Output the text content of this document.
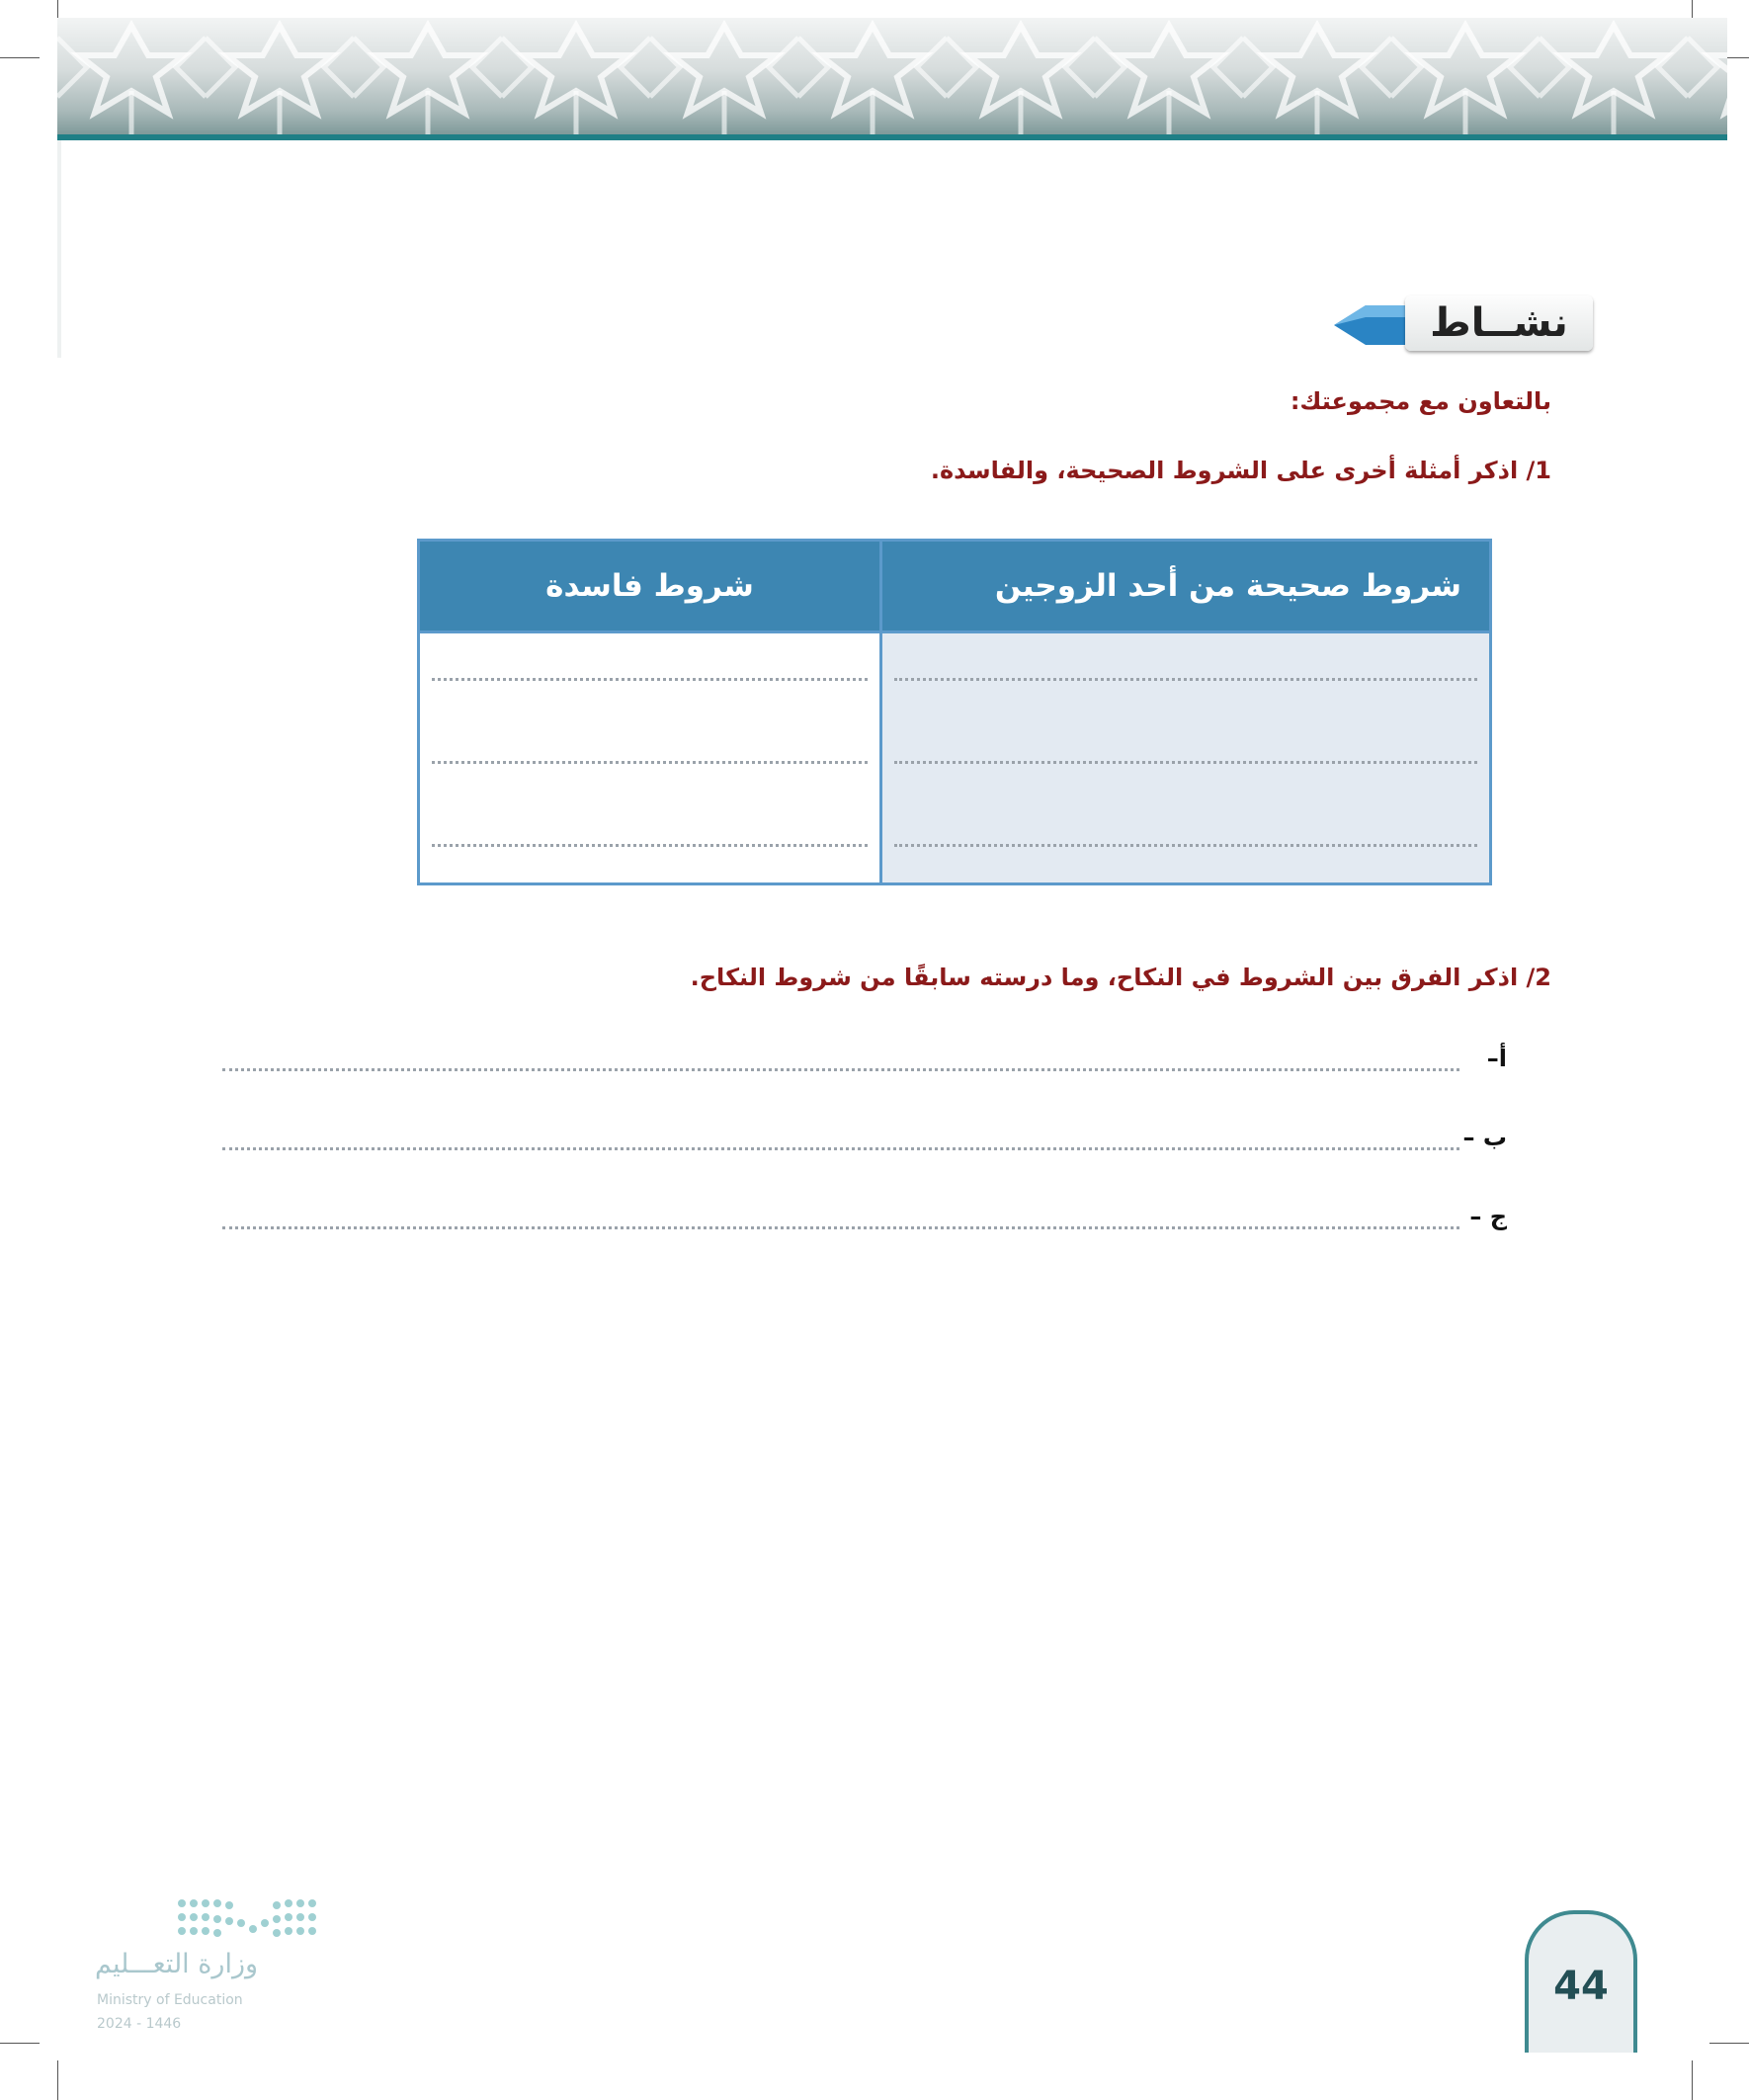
نشــاط
بالتعاون مع مجموعتك:
1/ اذكر أمثلة أخرى على الشروط الصحيحة، والفاسدة.
شروط صحيحة من أحد الزوجين	شروط فاسدة

2/ اذكر الفرق بين الشروط في النكاح، وما درسته سابقًا من شروط النكاح.
أ–
ب –
ج –
وزارة التعـــليم
Ministry of Education
2024 - 1446
44
